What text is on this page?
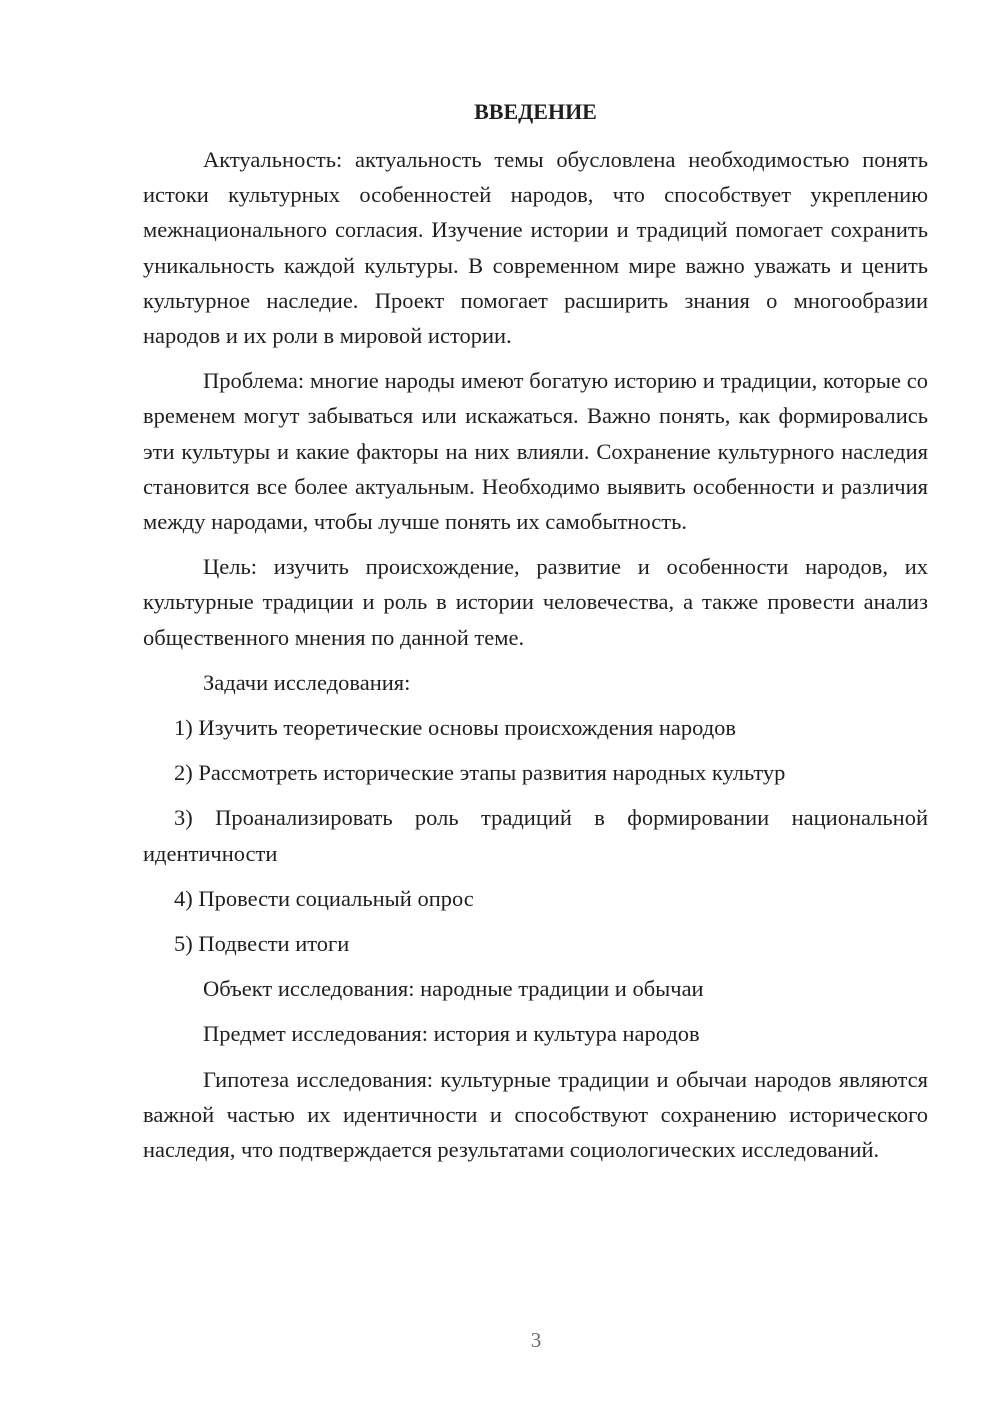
ВВЕДЕНИЕ

Актуальность: актуальность темы обусловлена необходимостью понять истоки культурных особенностей народов, что способствует укреплению межнационального согласия. Изучение истории и традиций помогает сохранить уникальность каждой культуры. В современном мире важно уважать и ценить культурное наследие. Проект помогает расширить знания о многообразии народов и их роли в мировой истории.

Проблема: многие народы имеют богатую историю и традиции, которые со временем могут забываться или искажаться. Важно понять, как формировались эти культуры и какие факторы на них влияли. Сохранение культурного наследия становится все более актуальным. Необходимо выявить особенности и различия между народами, чтобы лучше понять их самобытность.

Цель: изучить происхождение, развитие и особенности народов, их культурные традиции и роль в истории человечества, а также провести анализ общественного мнения по данной теме.

Задачи исследования:

1) Изучить теоретические основы происхождения народов

2) Рассмотреть исторические этапы развития народных культур

3) Проанализировать роль традиций в формировании национальной идентичности

4) Провести социальный опрос

5) Подвести итоги

Объект исследования: народные традиции и обычаи

Предмет исследования: история и культура народов

Гипотеза исследования: культурные традиции и обычаи народов являются важной частью их идентичности и способствуют сохранению исторического наследия, что подтверждается результатами социологических исследований.

3
